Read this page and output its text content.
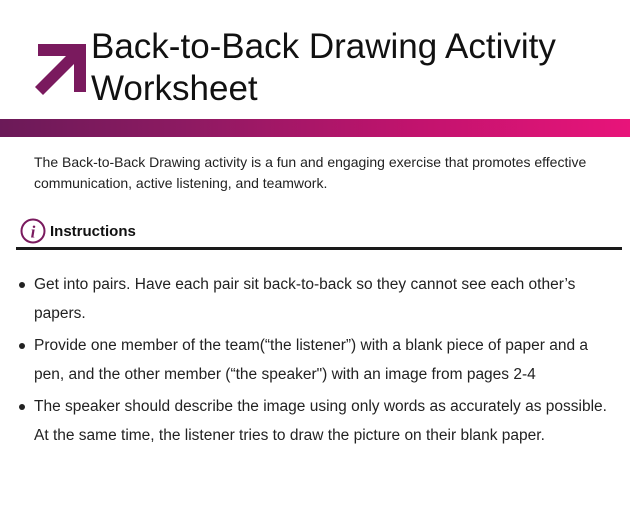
Back-to-Back Drawing Activity Worksheet

The Back-to-Back Drawing activity is a fun and engaging exercise that promotes effective communication, active listening, and teamwork.

i Instructions
Get into pairs. Have each pair sit back-to-back so they cannot see each other’s papers.
Provide one member of the team(“the listener”) with a blank piece of paper and a pen, and the other member (“the speaker") with an image from pages 2-4
The speaker should describe the image using only words as accurately as possible. At the same time, the listener tries to draw the picture on their blank paper.
